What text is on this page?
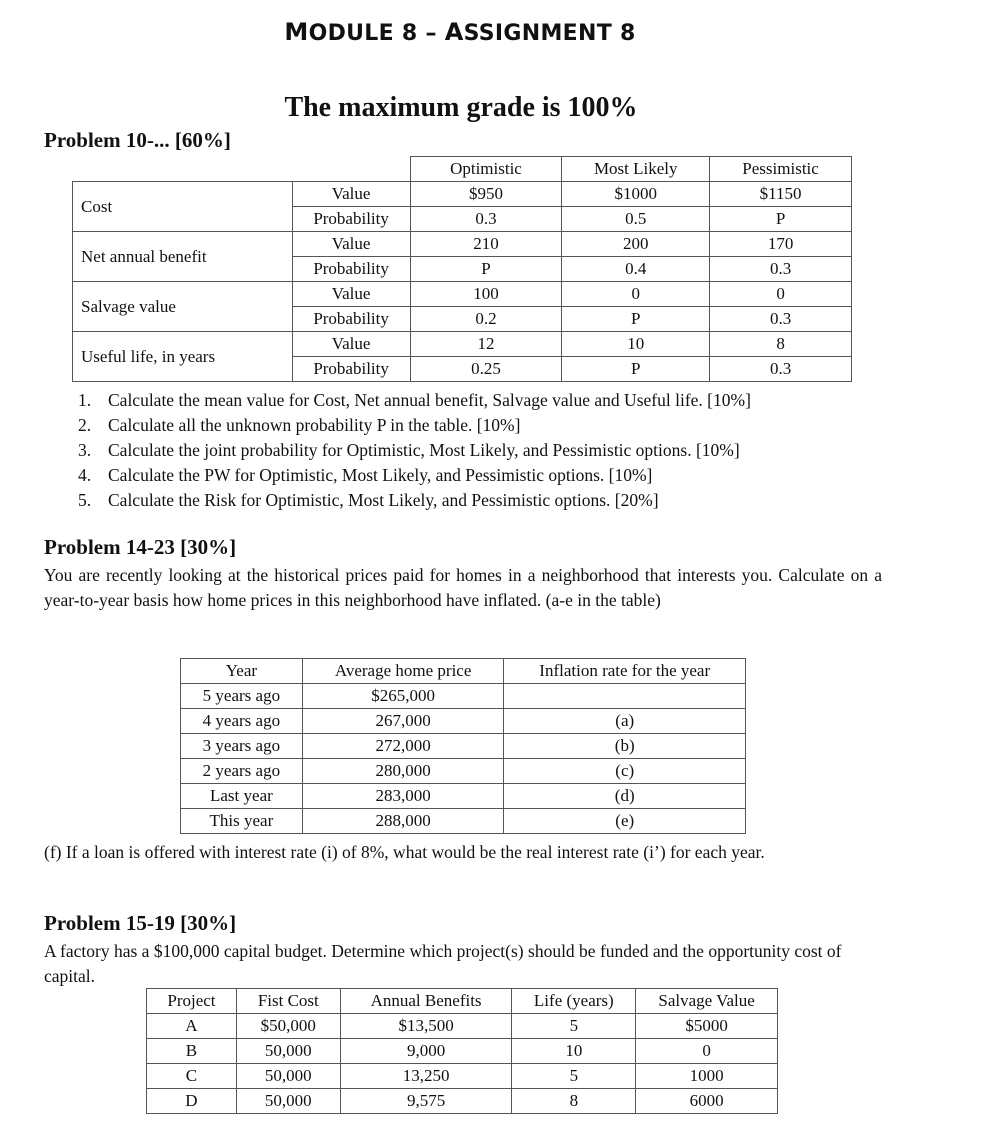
MODULE 8 – ASSIGNMENT 8
The maximum grade is 100%
Problem 10-... [60%]
		Optimistic	Most Likely	Pessimistic
Cost	Value	$950	$1000	$1150
	Probability	0.3	0.5	P
Net annual benefit	Value	210	200	170
	Probability	P	0.4	0.3
Salvage value	Value	100	0	0
	Probability	0.2	P	0.3
Useful life, in years	Value	12	10	8
	Probability	0.25	P	0.3
1. Calculate the mean value for Cost, Net annual benefit, Salvage value and Useful life. [10%]
2. Calculate all the unknown probability P in the table. [10%]
3. Calculate the joint probability for Optimistic, Most Likely, and Pessimistic options. [10%]
4. Calculate the PW for Optimistic, Most Likely, and Pessimistic options. [10%]
5. Calculate the Risk for Optimistic, Most Likely, and Pessimistic options. [20%]
Problem 14-23 [30%]
You are recently looking at the historical prices paid for homes in a neighborhood that interests you. Calculate on a year-to-year basis how home prices in this neighborhood have inflated. (a-e in the table)
Year	Average home price	Inflation rate for the year
5 years ago	$265,000	
4 years ago	267,000	(a)
3 years ago	272,000	(b)
2 years ago	280,000	(c)
Last year	283,000	(d)
This year	288,000	(e)
(f) If a loan is offered with interest rate (i) of 8%, what would be the real interest rate (i’) for each year.
Problem 15-19 [30%]
A factory has a $100,000 capital budget. Determine which project(s) should be funded and the opportunity cost of capital.
Project	Fist Cost	Annual Benefits	Life (years)	Salvage Value
A	$50,000	$13,500	5	$5000
B	50,000	9,000	10	0
C	50,000	13,250	5	1000
D	50,000	9,575	8	6000
